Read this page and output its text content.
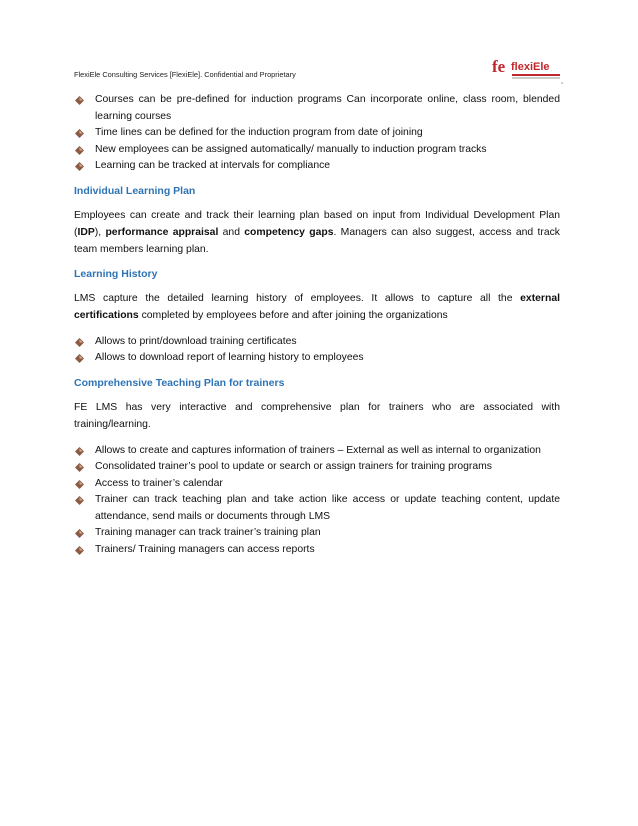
fe flexiEle
FlexiEle Consulting Services [FlexiEle]. Confidential and Proprietary
Courses can be pre-defined for induction programs Can incorporate online, class room, blended learning courses
Time lines can be defined for the induction program from date of joining
New employees can be assigned automatically/ manually to induction program tracks
Learning can be tracked at intervals for compliance

Individual Learning Plan

Employees can create and track their learning plan based on input from Individual Development Plan (IDP), performance appraisal and competency gaps. Managers can also suggest, access and track team members learning plan.

Learning History

LMS capture the detailed learning history of employees. It allows to capture all the external certifications completed by employees before and after joining the organizations

Allows to print/download training certificates
Allows to download report of learning history to employees

Comprehensive Teaching Plan for trainers

FE LMS has very interactive and comprehensive plan for trainers who are associated with training/learning.

Allows to create and captures information of trainers – External as well as internal to organization
Consolidated trainer’s pool to update or search or assign trainers for training programs
Access to trainer’s calendar
Trainer can track teaching plan and take action like access or update teaching content, update attendance, send mails or documents through LMS
Training manager can track trainer’s training plan
Trainers/ Training managers can access reports
